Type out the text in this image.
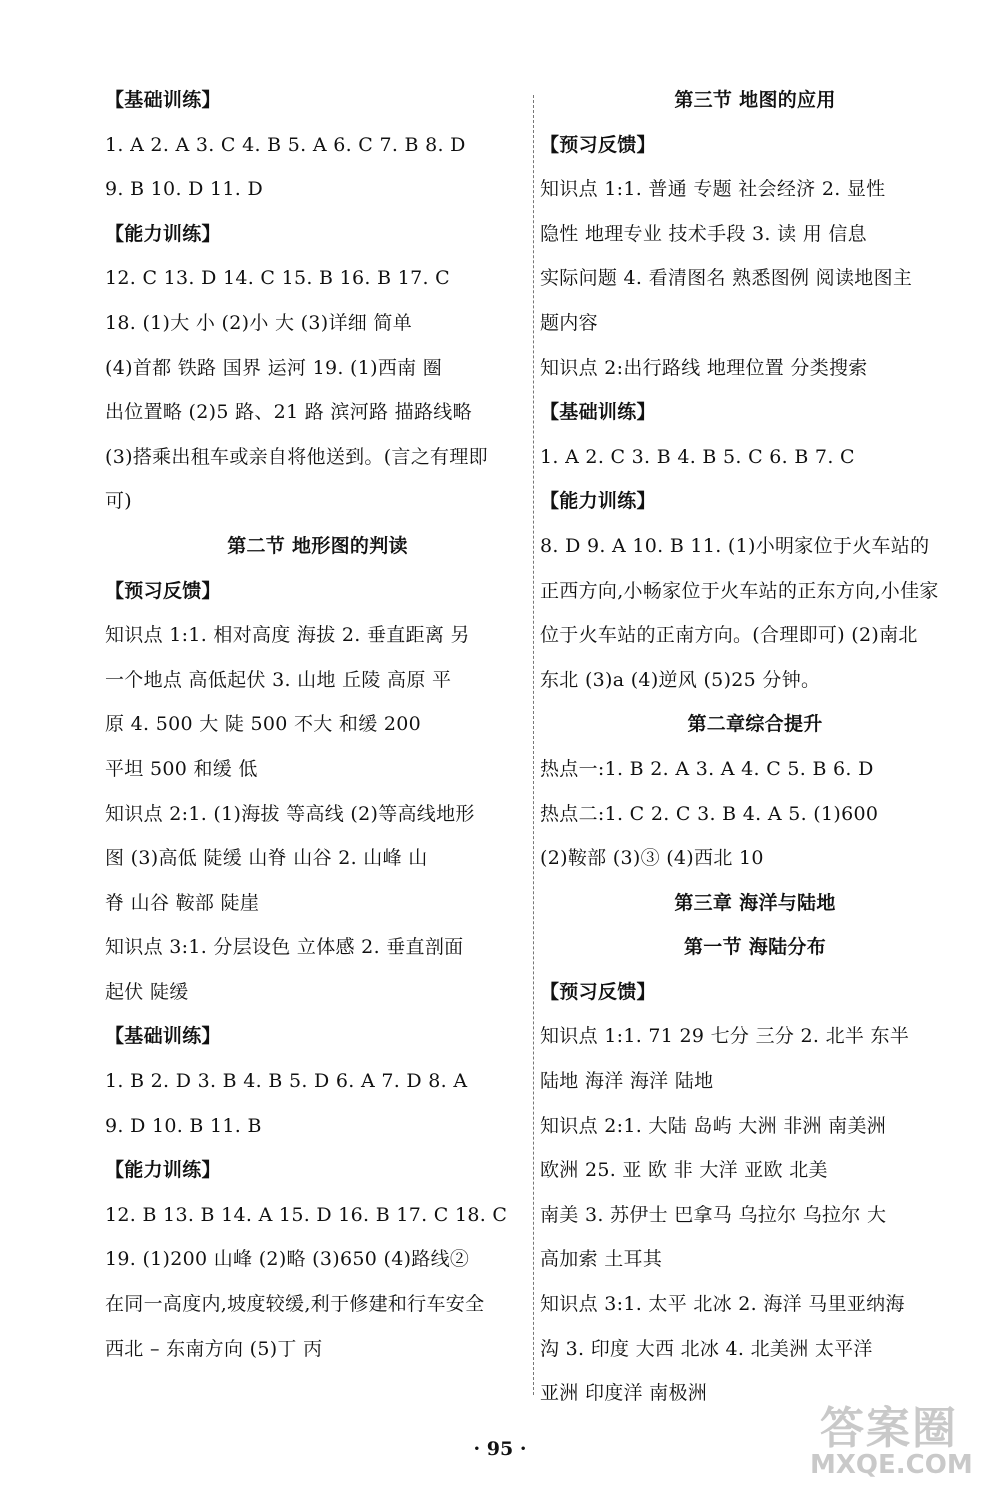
【基础训练】
1. A 2. A 3. C 4. B 5. A 6. C 7. B 8. D
9. B 10. D 11. D
【能力训练】
12. C 13. D 14. C 15. B 16. B 17. C
18. (1)大 小 (2)小 大 (3)详细 简单
(4)首都 铁路 国界 运河 19. (1)西南 圈
出位置略 (2)5 路、21 路 滨河路 描路线略
(3)搭乘出租车或亲自将他送到。(言之有理即
可)
第二节 地形图的判读
【预习反馈】
知识点 1:1. 相对高度 海拔 2. 垂直距离 另
一个地点 高低起伏 3. 山地 丘陵 高原 平
原 4. 500 大 陡 500 不大 和缓 200
平坦 500 和缓 低
知识点 2:1. (1)海拔 等高线 (2)等高线地形
图 (3)高低 陡缓 山脊 山谷 2. 山峰 山
脊 山谷 鞍部 陡崖
知识点 3:1. 分层设色 立体感 2. 垂直剖面
起伏 陡缓
【基础训练】
1. B 2. D 3. B 4. B 5. D 6. A 7. D 8. A
9. D 10. B 11. B
【能力训练】
12. B 13. B 14. A 15. D 16. B 17. C 18. C
19. (1)200 山峰 (2)略 (3)650 (4)路线②
在同一高度内,坡度较缓,利于修建和行车安全
西北 – 东南方向 (5)丁 丙
第三节 地图的应用
【预习反馈】
知识点 1:1. 普通 专题 社会经济 2. 显性
隐性 地理专业 技术手段 3. 读 用 信息
实际问题 4. 看清图名 熟悉图例 阅读地图主
题内容
知识点 2:出行路线 地理位置 分类搜索
【基础训练】
1. A 2. C 3. B 4. B 5. C 6. B 7. C
【能力训练】
8. D 9. A 10. B 11. (1)小明家位于火车站的
正西方向,小畅家位于火车站的正东方向,小佳家
位于火车站的正南方向。(合理即可) (2)南北
东北 (3)a (4)逆风 (5)25 分钟。
第二章综合提升
热点一:1. B 2. A 3. A 4. C 5. B 6. D
热点二:1. C 2. C 3. B 4. A 5. (1)600
(2)鞍部 (3)③ (4)西北 10
第三章 海洋与陆地
第一节 海陆分布
【预习反馈】
知识点 1:1. 71 29 七分 三分 2. 北半 东半
陆地 海洋 海洋 陆地
知识点 2:1. 大陆 岛屿 大洲 非洲 南美洲
欧洲 25. 亚 欧 非 大洋 亚欧 北美
南美 3. 苏伊士 巴拿马 乌拉尔 乌拉尔 大
高加索 土耳其
知识点 3:1. 太平 北冰 2. 海洋 马里亚纳海
沟 3. 印度 大西 北冰 4. 北美洲 太平洋
亚洲 印度洋 南极洲
· 95 ·	答案圈
MXQE.COM
